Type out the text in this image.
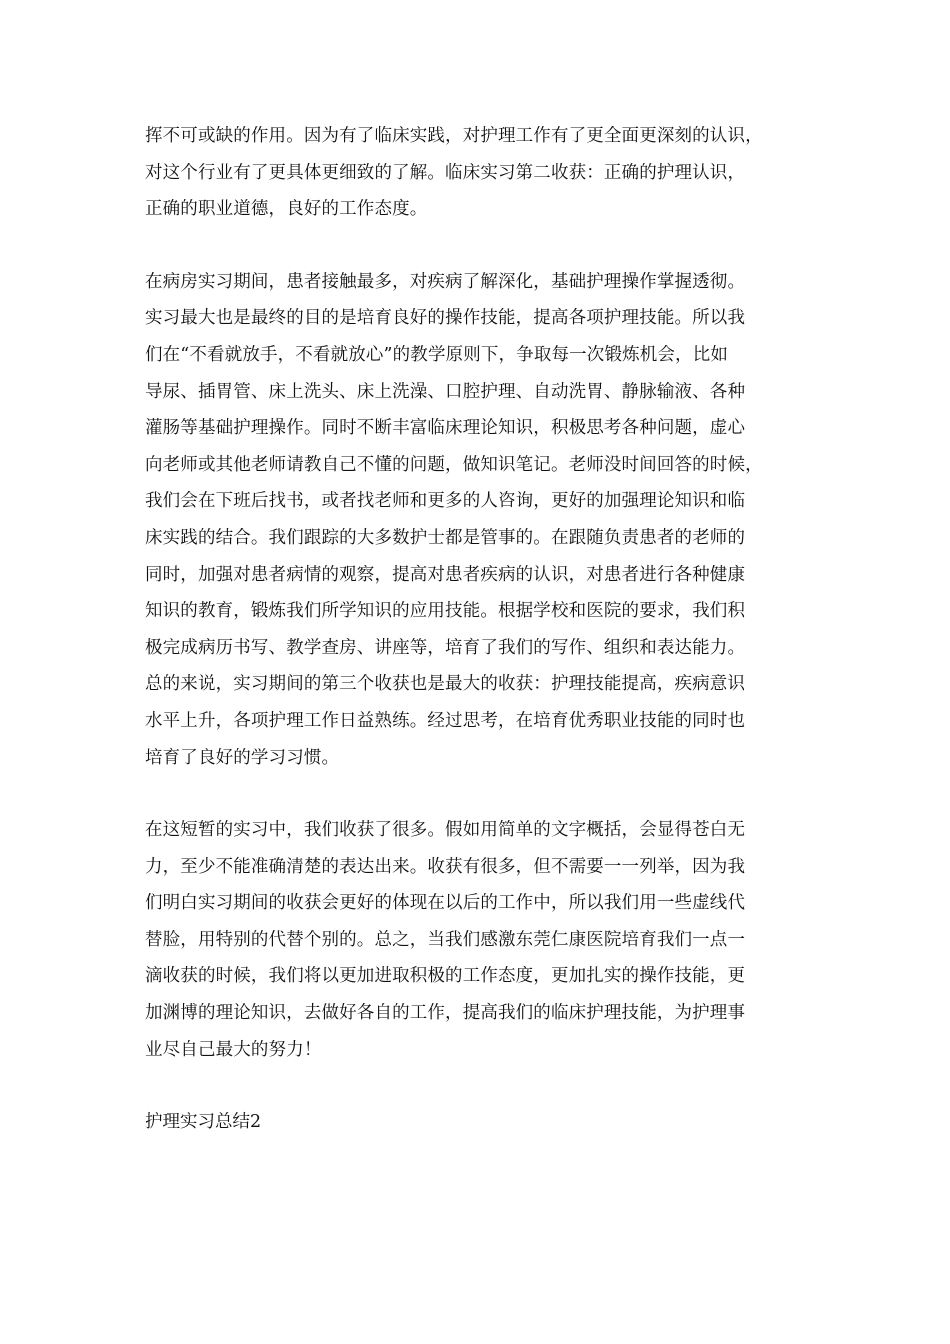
挥不可或缺的作用。因为有了临床实践，对护理工作有了更全面更深刻的认识，
对这个行业有了更具体更细致的了解。临床实习第二收获：正确的护理认识，
正确的职业道德，良好的工作态度。
在病房实习期间，患者接触最多，对疾病了解深化，基础护理操作掌握透彻。
实习最大也是最终的目的是培育良好的操作技能，提高各项护理技能。所以我
们在“不看就放手，不看就放心”的教学原则下，争取每一次锻炼机会，比如
导尿、插胃管、床上洗头、床上洗澡、口腔护理、自动洗胃、静脉输液、各种
灌肠等基础护理操作。同时不断丰富临床理论知识，积极思考各种问题，虚心
向老师或其他老师请教自己不懂的问题，做知识笔记。老师没时间回答的时候，
我们会在下班后找书，或者找老师和更多的人咨询，更好的加强理论知识和临
床实践的结合。我们跟踪的大多数护士都是管事的。在跟随负责患者的老师的
同时，加强对患者病情的观察，提高对患者疾病的认识，对患者进行各种健康
知识的教育，锻炼我们所学知识的应用技能。根据学校和医院的要求，我们积
极完成病历书写、教学查房、讲座等，培育了我们的写作、组织和表达能力。
总的来说，实习期间的第三个收获也是最大的收获：护理技能提高，疾病意识
水平上升，各项护理工作日益熟练。经过思考，在培育优秀职业技能的同时也
培育了良好的学习习惯。
在这短暂的实习中，我们收获了很多。假如用简单的文字概括，会显得苍白无
力，至少不能准确清楚的表达出来。收获有很多，但不需要一一列举，因为我
们明白实习期间的收获会更好的体现在以后的工作中，所以我们用一些虚线代
替脸，用特别的代替个别的。总之，当我们感激东莞仁康医院培育我们一点一
滴收获的时候，我们将以更加进取积极的工作态度，更加扎实的操作技能，更
加渊博的理论知识，去做好各自的工作，提高我们的临床护理技能，为护理事
业尽自己最大的努力！
护理实习总结2
